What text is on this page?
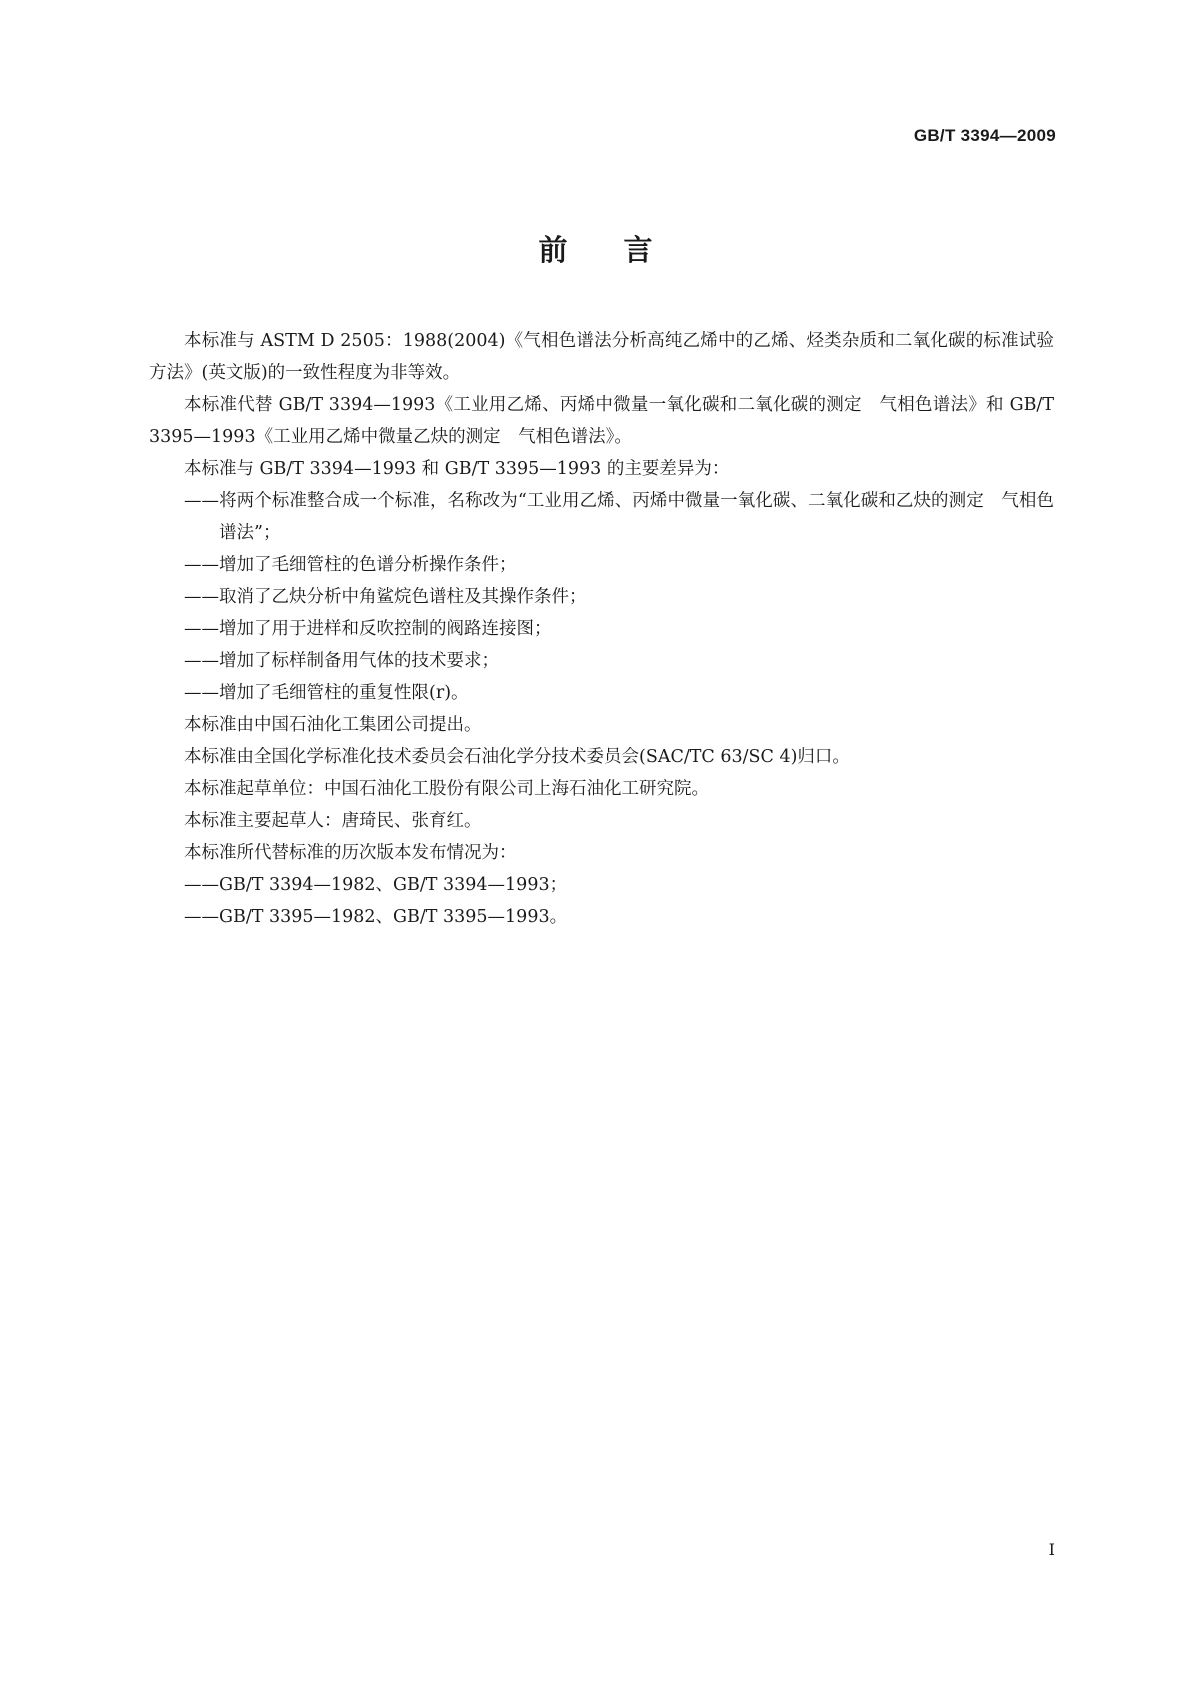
GB/T 3394—2009
前言

本标准与 ASTM D 2505：1988(2004)《气相色谱法分析高纯乙烯中的乙烯、烃类杂质和二氧化碳的标准试验方法》(英文版)的一致性程度为非等效。

本标准代替 GB/T 3394—1993《工业用乙烯、丙烯中微量一氧化碳和二氧化碳的测定　气相色谱法》和 GB/T 3395—1993《工业用乙烯中微量乙炔的测定　气相色谱法》。

本标准与 GB/T 3394—1993 和 GB/T 3395—1993 的主要差异为：

——将两个标准整合成一个标准，名称改为“工业用乙烯、丙烯中微量一氧化碳、二氧化碳和乙炔的测定　气相色谱法”；

——增加了毛细管柱的色谱分析操作条件；

——取消了乙炔分析中角鲨烷色谱柱及其操作条件；

——增加了用于进样和反吹控制的阀路连接图；

——增加了标样制备用气体的技术要求；

——增加了毛细管柱的重复性限(r)。

本标准由中国石油化工集团公司提出。

本标准由全国化学标准化技术委员会石油化学分技术委员会(SAC/TC 63/SC 4)归口。

本标准起草单位：中国石油化工股份有限公司上海石油化工研究院。

本标准主要起草人：唐琦民、张育红。

本标准所代替标准的历次版本发布情况为：

——GB/T 3394—1982、GB/T 3394—1993；

——GB/T 3395—1982、GB/T 3395—1993。

I
